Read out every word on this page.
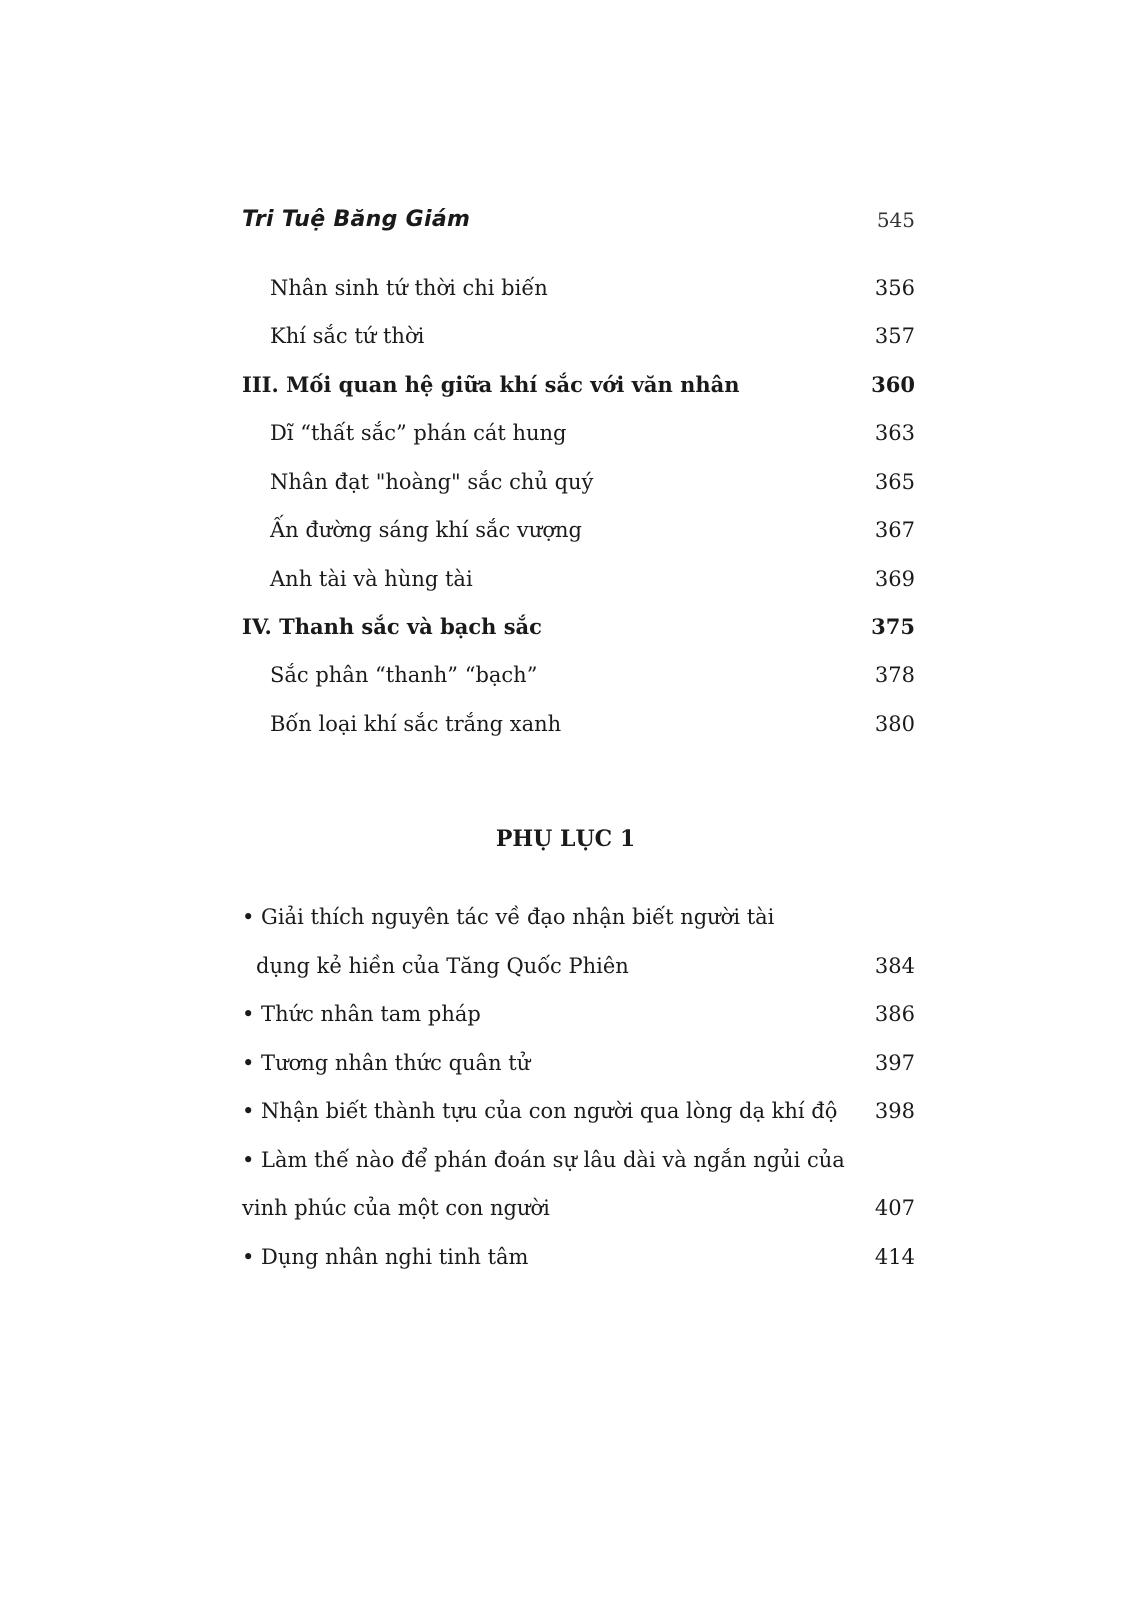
Tri Tuệ Băng Giám	545
Nhân sinh tứ thời chi biến	356
Khí sắc tứ thời	357
III. Mối quan hệ giữa khí sắc với văn nhân	360
Dĩ “thất sắc” phán cát hung	363
Nhân đạt "hoàng" sắc chủ quý	365
Ấn đường sáng khí sắc vượng	367
Anh tài và hùng tài	369
IV. Thanh sắc và bạch sắc	375
Sắc phân “thanh” “bạch”	378
Bốn loại khí sắc trắng xanh	380
PHỤ LỤC 1
• Giải thích nguyên tác về đạo nhận biết người tài
dụng kẻ hiền của Tăng Quốc Phiên	384
• Thức nhân tam pháp	386
• Tương nhân thức quân tử	397
• Nhận biết thành tựu của con người qua lòng dạ khí độ 398
• Làm thế nào để phán đoán sự lâu dài và ngắn ngủi của
vinh phúc của một con người	407
• Dụng nhân nghi tinh tâm	414
